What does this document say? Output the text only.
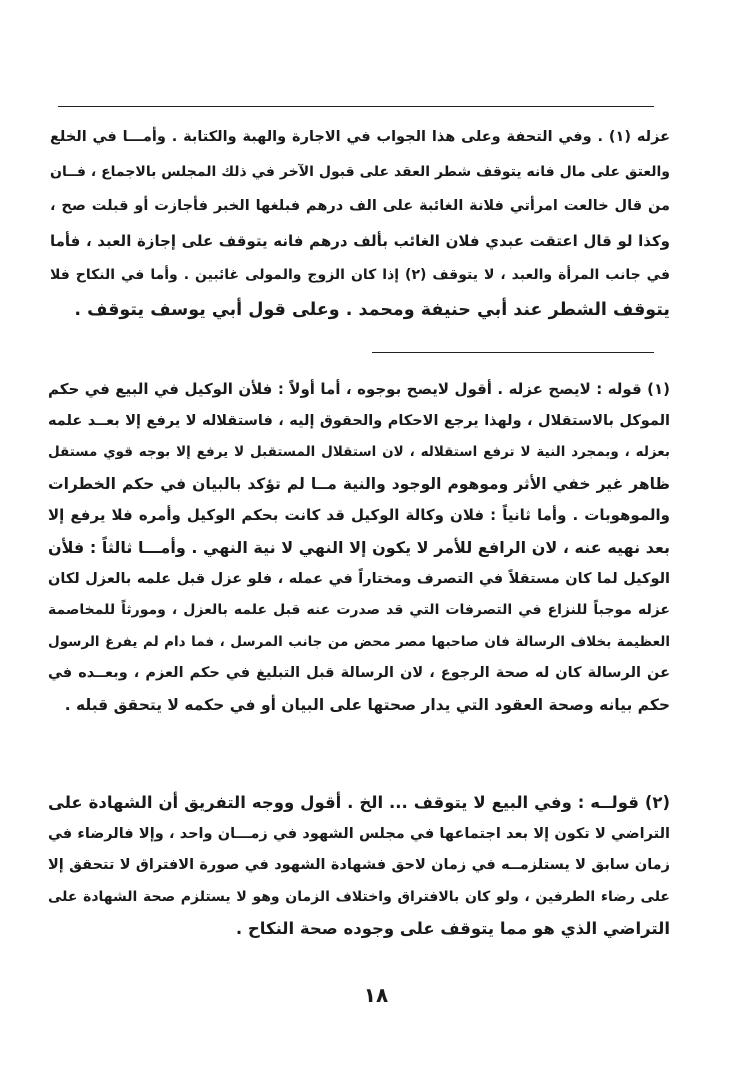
عزله (١) . وفي التحفة وعلى هذا الجواب في الاجارة والهبة والكتابة . وأمـــا في الخلع
والعتق على مال فانه يتوقف شطر العقد على قبول الآخر في ذلك المجلس بالاجماع ، فــان
من قال خالعت امرأتي فلانة الغائبة على الف درهم فبلغها الخبر فأجازت أو قبلت صح ،
وكذا لو قال اعتقت عبدي فلان الغائب بألف درهم فانه يتوقف على إجازة العبد ، فأما
في جانب المرأة والعبد ، لا يتوقف (٢) إذا كان الزوج والمولى غائبين . وأما في النكاح فلا
يتوقف الشطر عند أبي حنيفة ومحمد . وعلى قول أبي يوسف يتوقف .
(١) قوله : لايصح عزله . أقول لايصح بوجوه ، أما أولاً : فلأن الوكيل في البيع في حكم
الموكل بالاستقلال ، ولهذا يرجع الاحكام والحقوق إليه ، فاستقلاله لا يرفع إلا بعــد علمه
بعزله ، وبمجرد النية لا ترفع استقلاله ، لان استقلال المستقبل لا يرفع إلا بوجه قوي مستقل
ظاهر غير خفي الأثر وموهوم الوجود والنية مــا لم تؤكد بالبيان في حكم الخطرات
والموهوبات . وأما ثانياً : فلان وكالة الوكيل قد كانت بحكم الوكيل وأمره فلا يرفع إلا
بعد نهيه عنه ، لان الرافع للأمر لا يكون إلا النهي لا نية النهي . وأمـــا ثالثاً : فلأن
الوكيل لما كان مستقلاً في التصرف ومختاراً في عمله ، فلو عزل قبل علمه بالعزل لكان
عزله موجباً للنزاع في التصرفات التي قد صدرت عنه قبل علمه بالعزل ، ومورثاً للمخاصمة
العظيمة بخلاف الرسالة فان صاحبها مصر محض من جانب المرسل ، فما دام لم يفرغ الرسول
عن الرسالة كان له صحة الرجوع ، لان الرسالة قبل التبليغ في حكم العزم ، وبعــده في
حكم بيانه وصحة العقود التي يدار صحتها على البيان أو في حكمه لا يتحقق قبله .
(٢) قولــه : وفي البيع لا يتوقف ... الخ . أقول ووجه التفريق أن الشهادة على
التراضي لا تكون إلا بعد اجتماعها في مجلس الشهود في زمـــان واحد ، وإلا فالرضاء في
زمان سابق لا يستلزمــه في زمان لاحق فشهادة الشهود في صورة الافتراق لا تتحقق إلا
على رضاء الطرفين ، ولو كان بالافتراق واختلاف الزمان وهو لا يستلزم صحة الشهادة على
التراضي الذي هو مما يتوقف على وجوده صحة النكاح .
١٨
